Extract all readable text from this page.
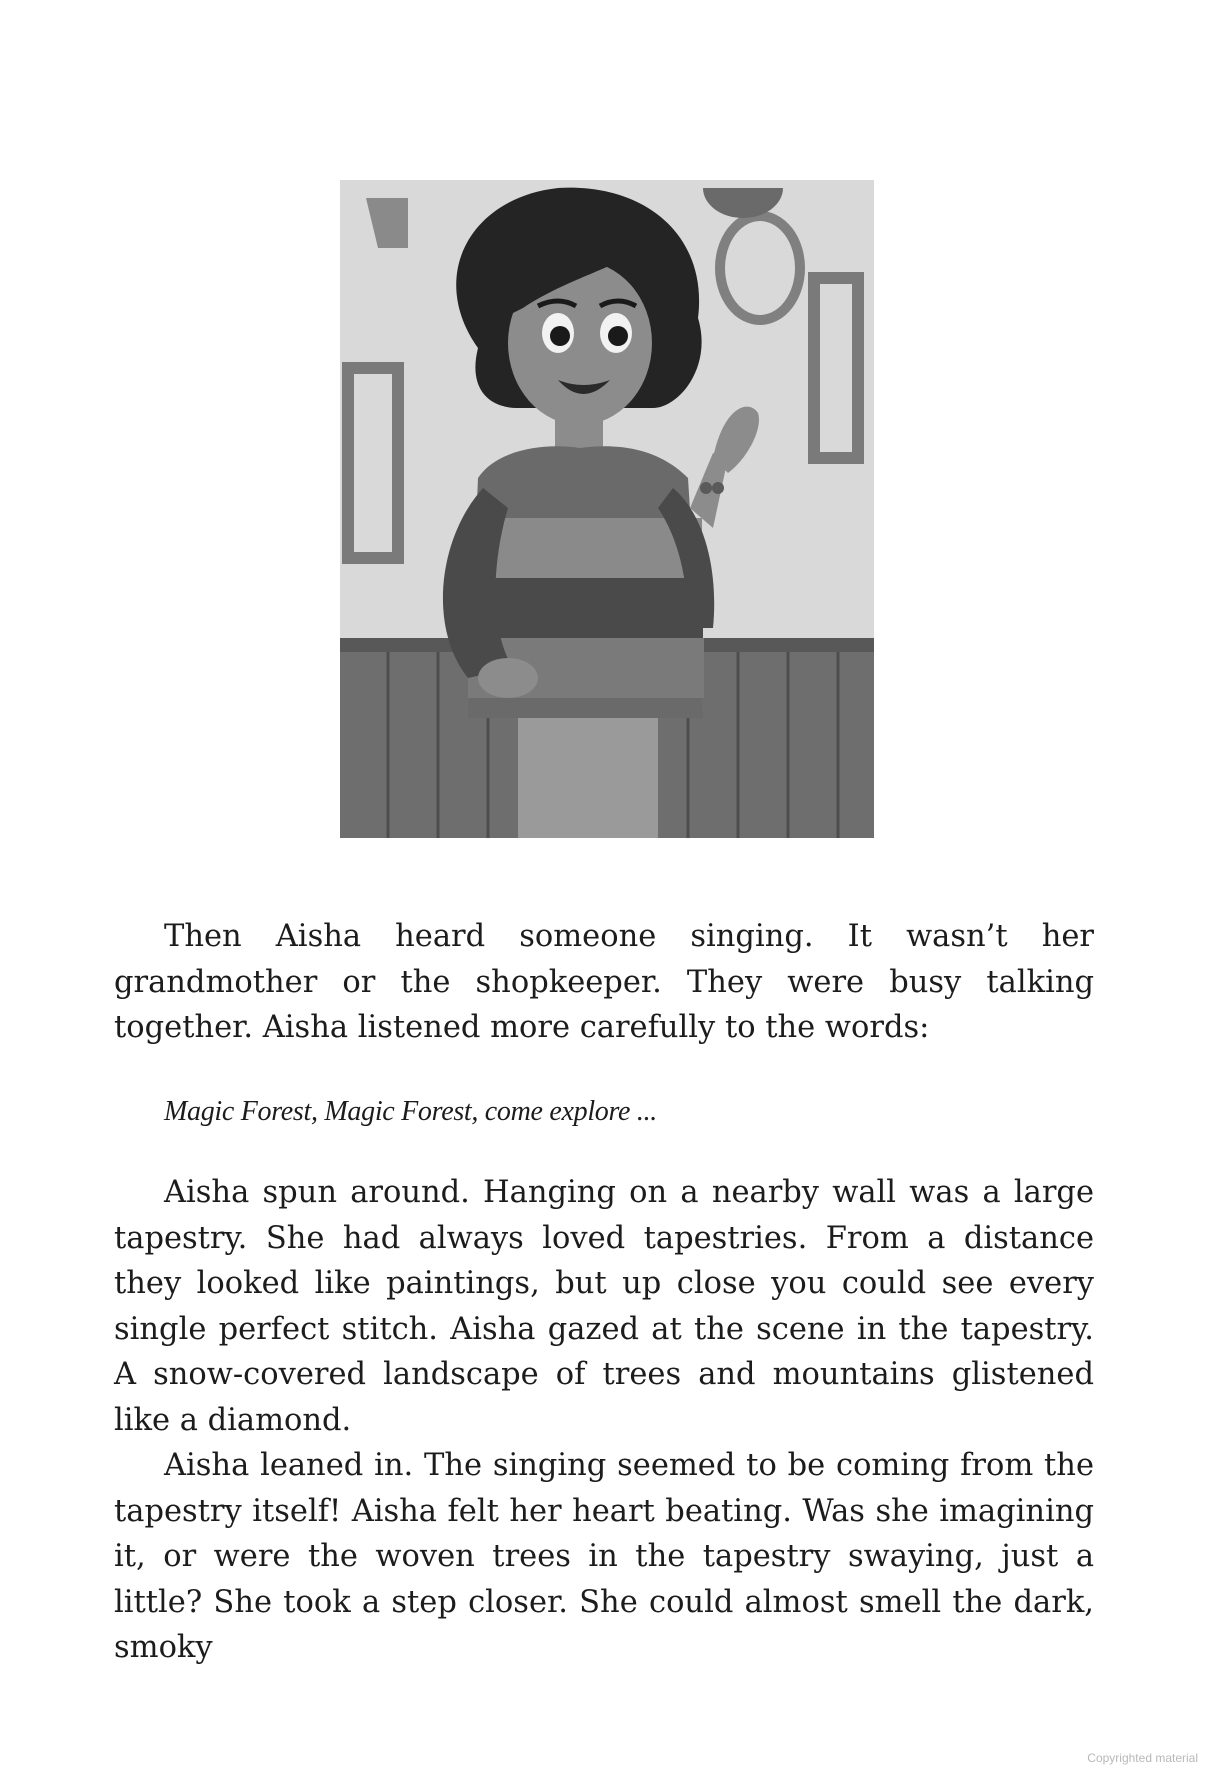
Then Aisha heard someone singing. It wasn’t her grandmother or the shopkeeper. They were busy talking together. Aisha listened more carefully to the words:

Magic Forest, Magic Forest, come explore ...

Aisha spun around. Hanging on a nearby wall was a large tapestry. She had always loved tapestries. From a distance they looked like paintings, but up close you could see every single perfect stitch. Aisha gazed at the scene in the tapestry. A snow-covered landscape of trees and mountains glistened like a diamond.

Aisha leaned in. The singing seemed to be coming from the tapestry itself! Aisha felt her heart beating. Was she imagining it, or were the woven trees in the tapestry swaying, just a little? She took a step closer. She could almost smell the dark, smoky

Copyrighted material
